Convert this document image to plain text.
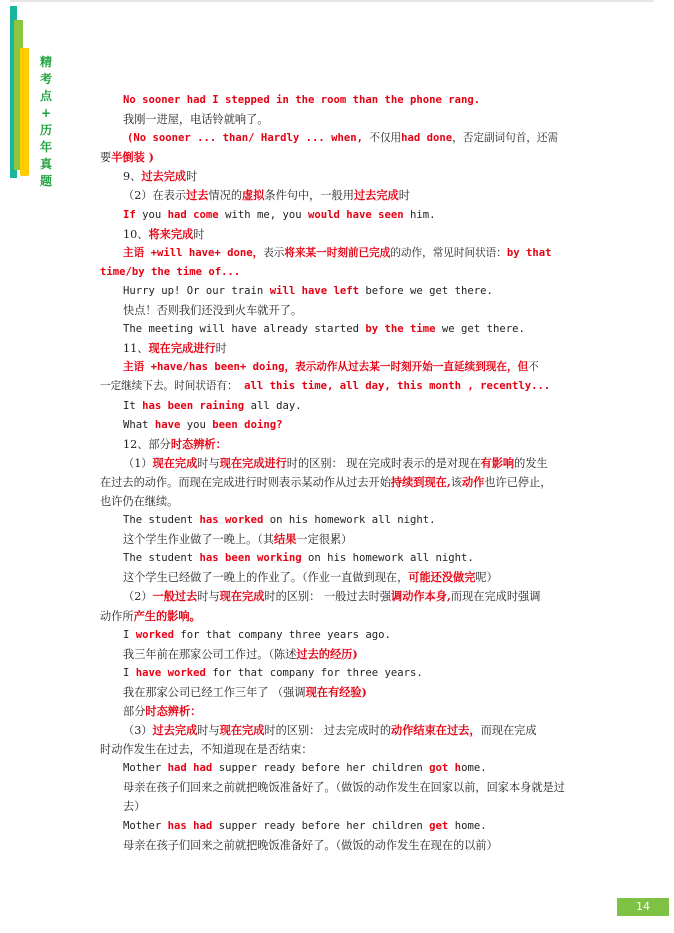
精
考
点
+
历
年
真
题
No sooner had I stepped in the room than the phone rang.
我刚一进屋，电话铃就响了。
(No sooner ... than/ Hardly ... when, 不仅用had done，否定副词句首，还需
要半倒装 )
9、过去完成时
（2）在表示过去情况的虚拟条件句中，一般用过去完成时
If you had come with me, you would have seen him.
10、将来完成时
主语 +will have+ done，表示将来某一时刻前已完成的动作，常见时间状语：by that
time/by the time of...
Hurry up! Or our train will have left before we get there.
快点！否则我们还没到火车就开了。
The meeting will have already started by the time we get there.
11、现在完成进行时
主语 +have/has been+ doing，表示动作从过去某一时刻开始一直延续到现在，但不
一定继续下去。时间状语有： all this time, all day, this month , recently...
It has been raining all day.
What have you been doing?
12、部分时态辨析：
（1）现在完成时与现在完成进行时的区别： 现在完成时表示的是对现在有影响的发生
在过去的动作。而现在完成进行时则表示某动作从过去开始持续到现在,该动作也许已停止，
也许仍在继续。
The student has worked on his homework all night.
这个学生作业做了一晚上。（其结果一定很累）
The student has been working on his homework all night.
这个学生已经做了一晚上的作业了。（作业一直做到现在，可能还没做完呢）
（2）一般过去时与现在完成时的区别： 一般过去时强调动作本身,而现在完成时强调
动作所产生的影响。
I worked for that company three years ago.
我三年前在那家公司工作过。（陈述过去的经历)
I have worked for that company for three years.
我在那家公司已经工作三年了 （强调现在有经验)
部分时态辨析：
（3）过去完成时与现在完成时的区别： 过去完成时的动作结束在过去，而现在完成
时动作发生在过去，不知道现在是否结束：
Mother had had supper ready before her children got home.
母亲在孩子们回来之前就把晚饭准备好了。（做饭的动作发生在回家以前，回家本身就是过去）
Mother has had supper ready before her children get home.
母亲在孩子们回来之前就把晚饭准备好了。（做饭的动作发生在现在的以前）
14
